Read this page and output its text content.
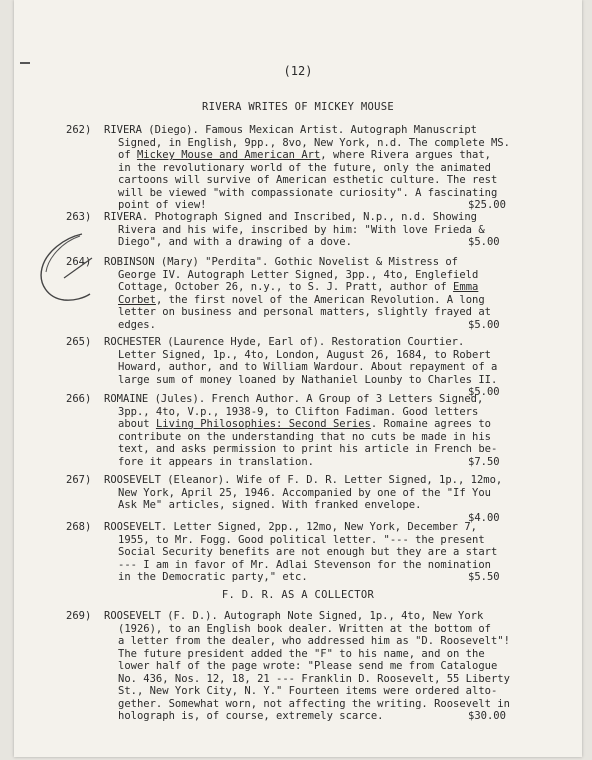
(12)
RIVERA WRITES OF MICKEY MOUSE
F. D. R. AS A COLLECTOR
262)	RIVERA (Diego). Famous Mexican Artist. Autograph Manuscript
Signed, in English, 9pp., 8vo, New York, n.d. The complete MS.
of Mickey Mouse and American Art, where Rivera argues that,
in the revolutionary world of the future, only the animated
cartoons will survive of American esthetic culture. The rest
will be viewed "with compassionate curiosity". A fascinating
point of view!	$25.00
263)	RIVERA. Photograph Signed and Inscribed, N.p., n.d. Showing
Rivera and his wife, inscribed by him: "With love Frieda &
Diego", and with a drawing of a dove.	$5.00
264)	ROBINSON (Mary) "Perdita". Gothic Novelist & Mistress of
George IV. Autograph Letter Signed, 3pp., 4to, Englefield
Cottage, October 26, n.y., to S. J. Pratt, author of Emma
Corbet, the first novel of the American Revolution. A long
letter on business and personal matters, slightly frayed at
edges.	$5.00
265)	ROCHESTER (Laurence Hyde, Earl of). Restoration Courtier.
Letter Signed, 1p., 4to, London, August 26, 1684, to Robert
Howard, author, and to William Wardour. About repayment of a
large sum of money loaned by Nathaniel Lounby to Charles II.
$5.00
266)	ROMAINE (Jules). French Author. A Group of 3 Letters Signed,
3pp., 4to, V.p., 1938-9, to Clifton Fadiman. Good letters
about Living Philosophies: Second Series. Romaine agrees to
contribute on the understanding that no cuts be made in his
text, and asks permission to print his article in French be-
fore it appears in translation.	$7.50
267)	ROOSEVELT (Eleanor). Wife of F. D. R. Letter Signed, 1p., 12mo,
New York, April 25, 1946. Accompanied by one of the "If You
Ask Me" articles, signed. With franked envelope.
$4.00
268)	ROOSEVELT. Letter Signed, 2pp., 12mo, New York, December 7,
1955, to Mr. Fogg. Good political letter. "--- the present
Social Security benefits are not enough but they are a start
--- I am in favor of Mr. Adlai Stevenson for the nomination
in the Democratic party," etc.	$5.50
269)	ROOSEVELT (F. D.). Autograph Note Signed, 1p., 4to, New York
(1926), to an English book dealer. Written at the bottom of
a letter from the dealer, who addressed him as "D. Roosevelt"!
The future president added the "F" to his name, and on the
lower half of the page wrote: "Please send me from Catalogue
No. 436, Nos. 12, 18, 21 --- Franklin D. Roosevelt, 55 Liberty
St., New York City, N. Y." Fourteen items were ordered alto-
gether. Somewhat worn, not affecting the writing. Roosevelt in
holograph is, of course, extremely scarce.	$30.00
